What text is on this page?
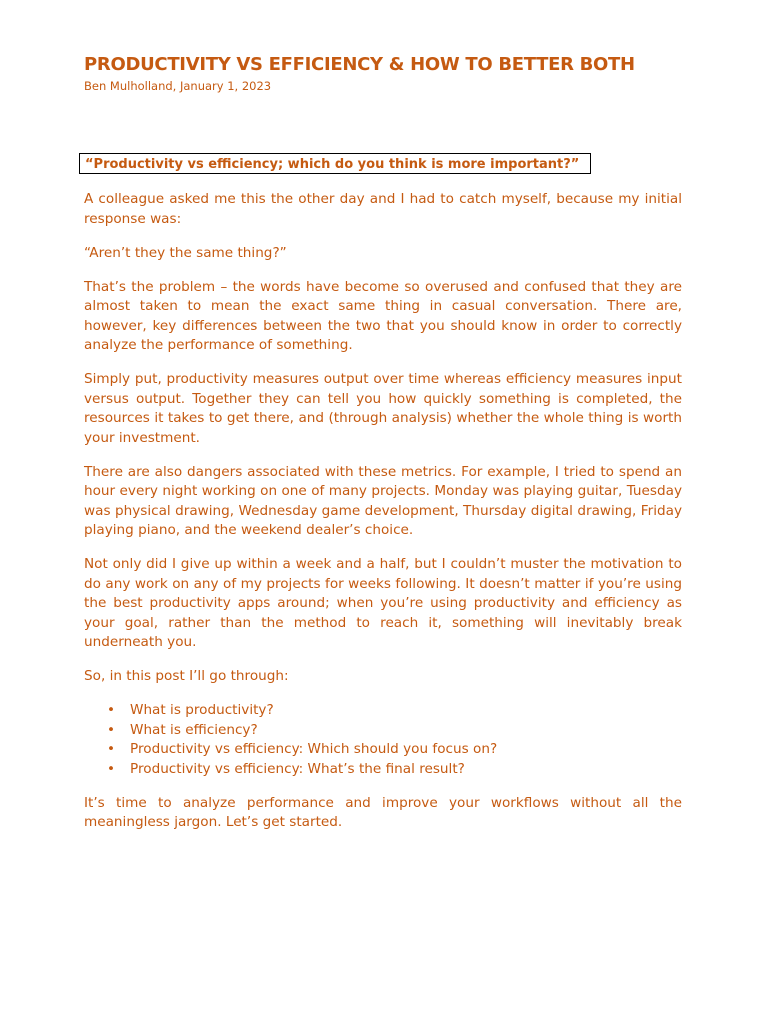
PRODUCTIVITY VS EFFICIENCY & HOW TO BETTER BOTH

Ben Mulholland, January 1, 2023

“Productivity vs efficiency; which do you think is more important?”

A colleague asked me this the other day and I had to catch myself, because my initial response was:

“Aren’t they the same thing?”

That’s the problem – the words have become so overused and confused that they are almost taken to mean the exact same thing in casual conversation. There are, however, key differences between the two that you should know in order to correctly analyze the performance of something.

Simply put, productivity measures output over time whereas efficiency measures input versus output. Together they can tell you how quickly something is completed, the resources it takes to get there, and (through analysis) whether the whole thing is worth your investment.

There are also dangers associated with these metrics. For example, I tried to spend an hour every night working on one of many projects. Monday was playing guitar, Tuesday was physical drawing, Wednesday game development, Thursday digital drawing, Friday playing piano, and the weekend dealer’s choice.

Not only did I give up within a week and a half, but I couldn’t muster the motivation to do any work on any of my projects for weeks following. It doesn’t matter if you’re using the best productivity apps around; when you’re using productivity and efficiency as your goal, rather than the method to reach it, something will inevitably break underneath you.

So, in this post I’ll go through:

• What is productivity?
• What is efficiency?
• Productivity vs efficiency: Which should you focus on?
• Productivity vs efficiency: What’s the final result?

It’s time to analyze performance and improve your workflows without all the meaningless jargon. Let’s get started.
